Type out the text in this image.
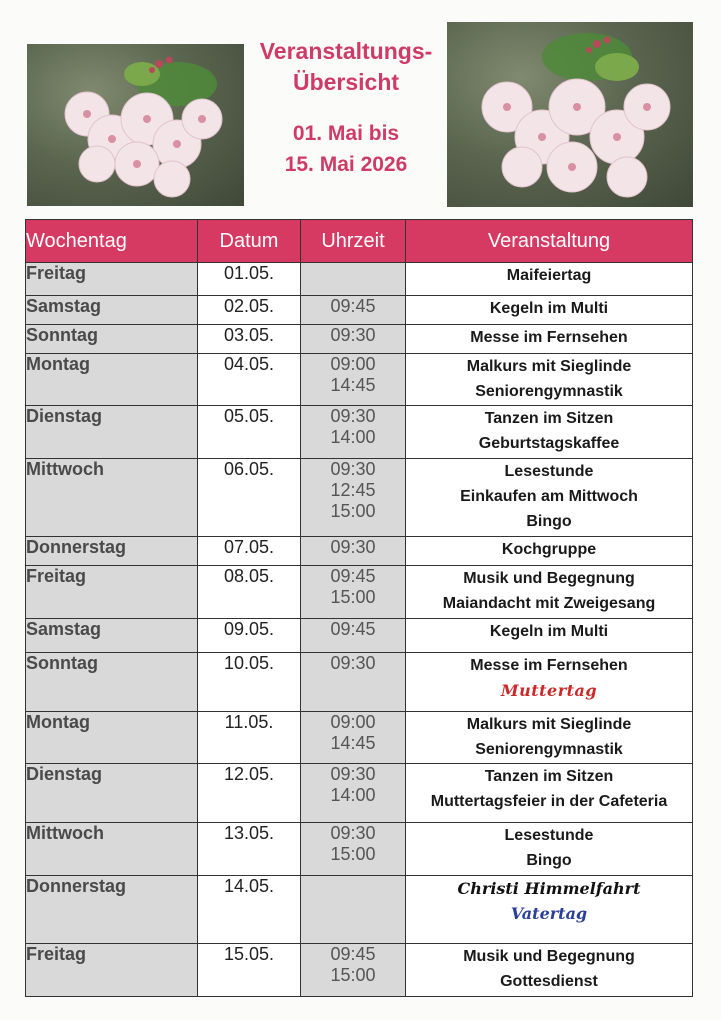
Veranstaltungs-
Übersicht
01. Mai bis
15. Mai 2026
Wochentag	Datum	Uhrzeit	Veranstaltung
Freitag	01.05.		Maifeiertag

Samstag	02.05.	09:45	Kegeln im Multi

Sonntag	03.05.	09:30	Messe im Fernsehen

Montag	04.05.	09:00
14:45	Malkurs mit Sieglinde
Seniorengymnastik

Dienstag	05.05.	09:30
14:00	Tanzen im Sitzen
Geburtstagskaffee

Mittwoch	06.05.	09:30
12:45
15:00	Lesestunde
Einkaufen am Mittwoch
Bingo

Donnerstag	07.05.	09:30	Kochgruppe

Freitag	08.05.	09:45
15:00	Musik und Begegnung
Maiandacht mit Zweigesang

Samstag	09.05.	09:45	Kegeln im Multi

Sonntag	10.05.	09:30	Messe im Fernsehen
Muttertag

Montag	11.05.	09:00
14:45	Malkurs mit Sieglinde
Seniorengymnastik

Dienstag	12.05.	09:30
14:00	Tanzen im Sitzen
Muttertagsfeier in der Cafeteria

Mittwoch	13.05.	09:30
15:00	Lesestunde
Bingo

Donnerstag	14.05.		Christi Himmelfahrt
Vatertag

Freitag	15.05.	09:45
15:00	Musik und Begegnung
Gottesdienst
